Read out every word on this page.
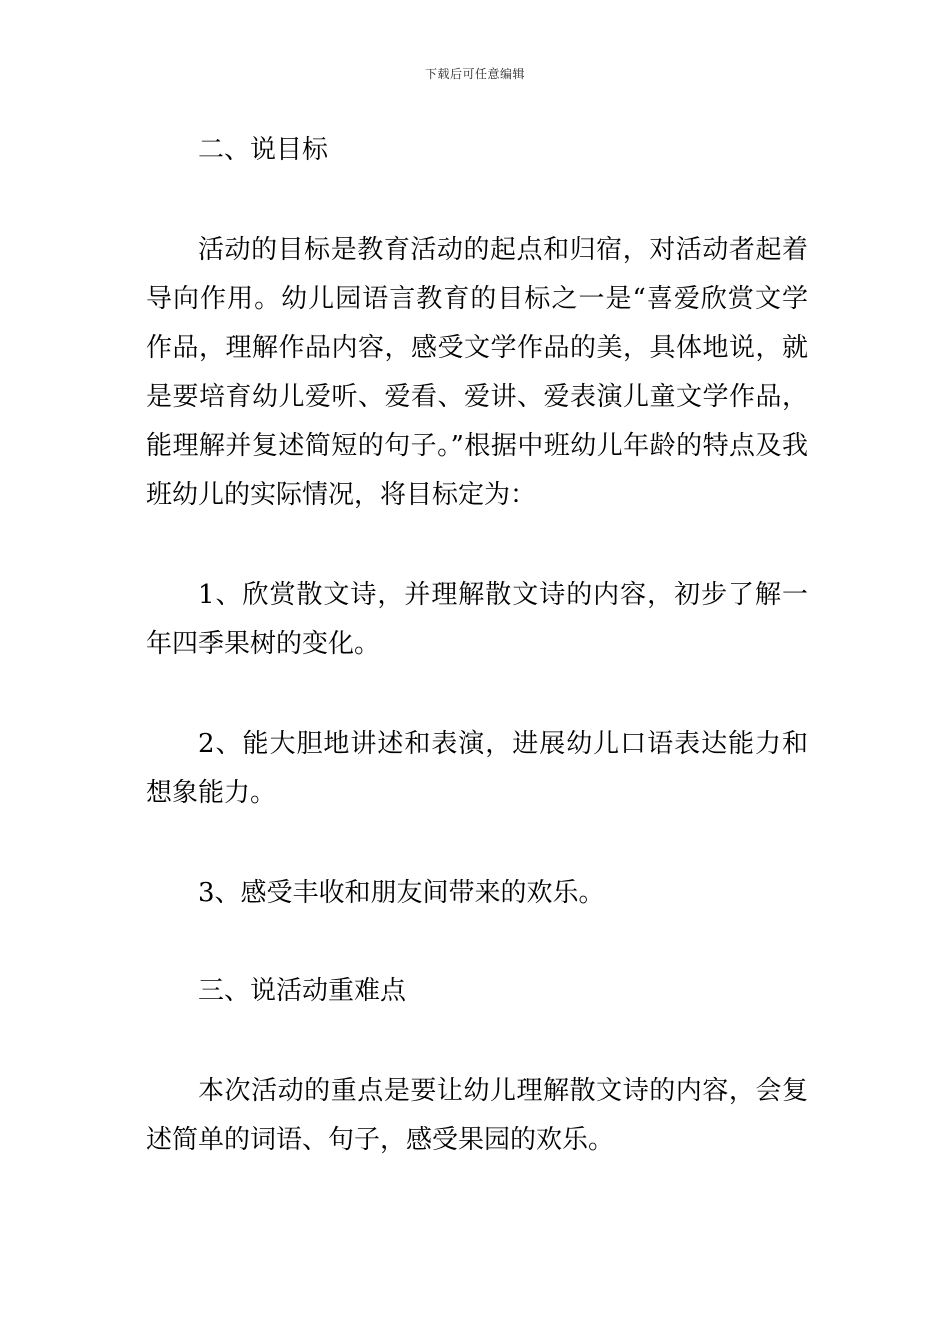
下载后可任意编辑

二、说目标

活动的目标是教育活动的起点和归宿，对活动者起着导向作用。幼儿园语言教育的目标之一是“喜爱欣赏文学作品，理解作品内容，感受文学作品的美，具体地说，就是要培育幼儿爱听、爱看、爱讲、爱表演儿童文学作品，能理解并复述简短的句子。”根据中班幼儿年龄的特点及我班幼儿的实际情况，将目标定为：

1、欣赏散文诗，并理解散文诗的内容，初步了解一年四季果树的变化。

2、能大胆地讲述和表演，进展幼儿口语表达能力和想象能力。

3、感受丰收和朋友间带来的欢乐。

三、说活动重难点

本次活动的重点是要让幼儿理解散文诗的内容，会复述简单的词语、句子，感受果园的欢乐。
